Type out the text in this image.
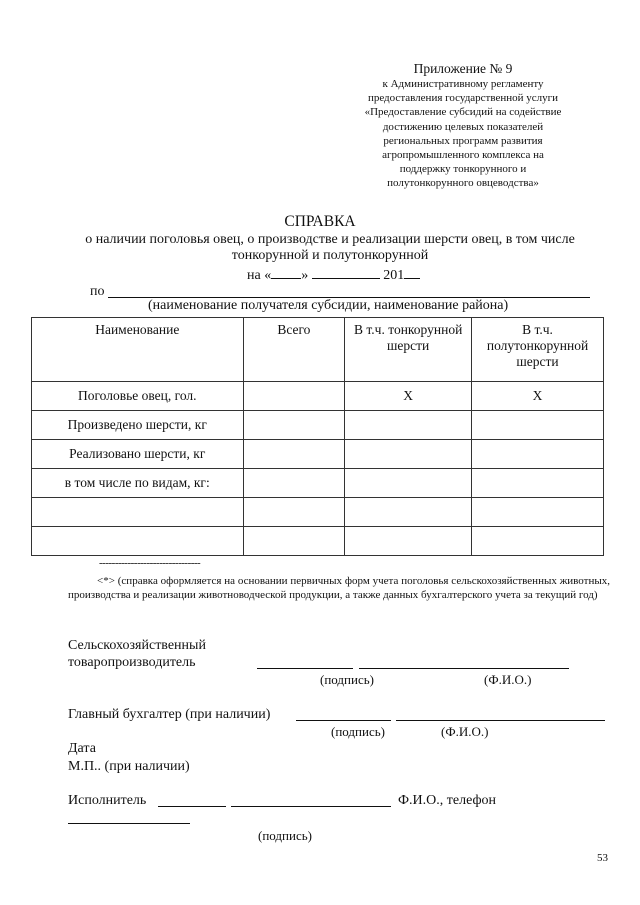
Приложение № 9
к Административному регламенту
предоставления государственной услуги
«Предоставление субсидий на содействие
достижению целевых показателей
региональных программ развития
агропромышленного комплекса на
поддержку тонкорунного и
полутонкорунного овцеводства»
СПРАВКА
о наличии поголовья овец, о производстве и реализации шерсти овец, в том числе
тонкорунной и полутонкорунной
на « »	201
по
(наименование получателя субсидии, наименование района)
Наименование	Всего	В т.ч. тонкорунной шерсти	В т.ч. полутонкорунной шерсти
Поголовье овец, гол.		X	X
Произведено шерсти, кг			
Реализовано шерсти, кг			
в том числе по видам, кг:			

--------------------------------
<*> (справка оформляется на основании первичных форм учета поголовья сельскохозяйственных животных, производства и реализации животноводческой продукции, а также данных бухгалтерского учета за текущий год)
Сельскохозяйственный
товаропроизводитель
(подпись)	(Ф.И.О.)
Главный бухгалтер (при наличии)
(подпись)	(Ф.И.О.)
Дата
М.П.. (при наличии)
Исполнитель	Ф.И.О., телефон
(подпись)
53
